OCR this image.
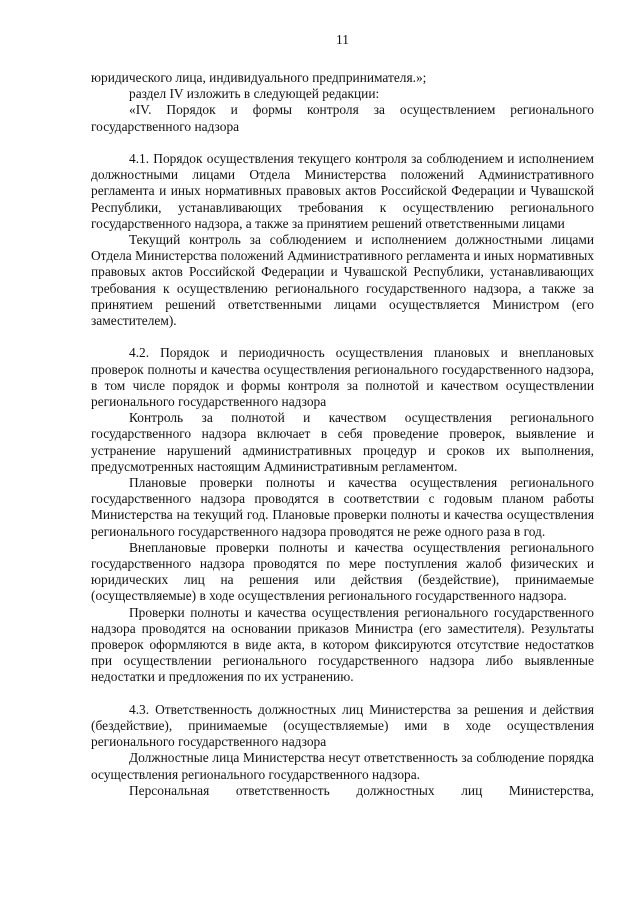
11

юридического лица, индивидуального предпринимателя.»;

раздел IV изложить в следующей редакции:

«IV. Порядок и формы контроля за осуществлением регионального государственного надзора

4.1. Порядок осуществления текущего контроля за соблюдением и исполнением должностными лицами Отдела Министерства положений Административного регламента и иных нормативных правовых актов Российской Федерации и Чувашской Республики, устанавливающих требования к осуществлению регионального государственного надзора, а также за принятием решений ответственными лицами

Текущий контроль за соблюдением и исполнением должностными лицами Отдела Министерства положений Административного регламента и иных нормативных правовых актов Российской Федерации и Чувашской Республики, устанавливающих требования к осуществлению регионального государственного надзора, а также за принятием решений ответственными лицами осуществляется Министром (его заместителем).

4.2. Порядок и периодичность осуществления плановых и внеплановых проверок полноты и качества осуществления регионального государственного надзора, в том числе порядок и формы контроля за полнотой и качеством осуществлении регионального государственного надзора

Контроль за полнотой и качеством осуществления регионального государственного надзора включает в себя проведение проверок, выявление и устранение нарушений административных процедур и сроков их выполнения, предусмотренных настоящим Административным регламентом.

Плановые проверки полноты и качества осуществления регионального государственного надзора проводятся в соответствии с годовым планом работы Министерства на текущий год. Плановые проверки полноты и качества осуществления регионального государственного надзора проводятся не реже одного раза в год.

Внеплановые проверки полноты и качества осуществления регионального государственного надзора проводятся по мере поступления жалоб физических и юридических лиц на решения или действия (бездействие), принимаемые (осуществляемые) в ходе осуществления регионального государственного надзора.

Проверки полноты и качества осуществления регионального государственного надзора проводятся на основании приказов Министра (его заместителя). Результаты проверок оформляются в виде акта, в котором фиксируются отсутствие недостатков при осуществлении регионального государственного надзора либо выявленные недостатки и предложения по их устранению.

4.3. Ответственность должностных лиц Министерства за решения и действия (бездействие), принимаемые (осуществляемые) ими в ходе осуществления регионального государственного надзора

Должностные лица Министерства несут ответственность за соблюдение порядка осуществления регионального государственного надзора.

Персональная ответственность должностных лиц Министерства,
